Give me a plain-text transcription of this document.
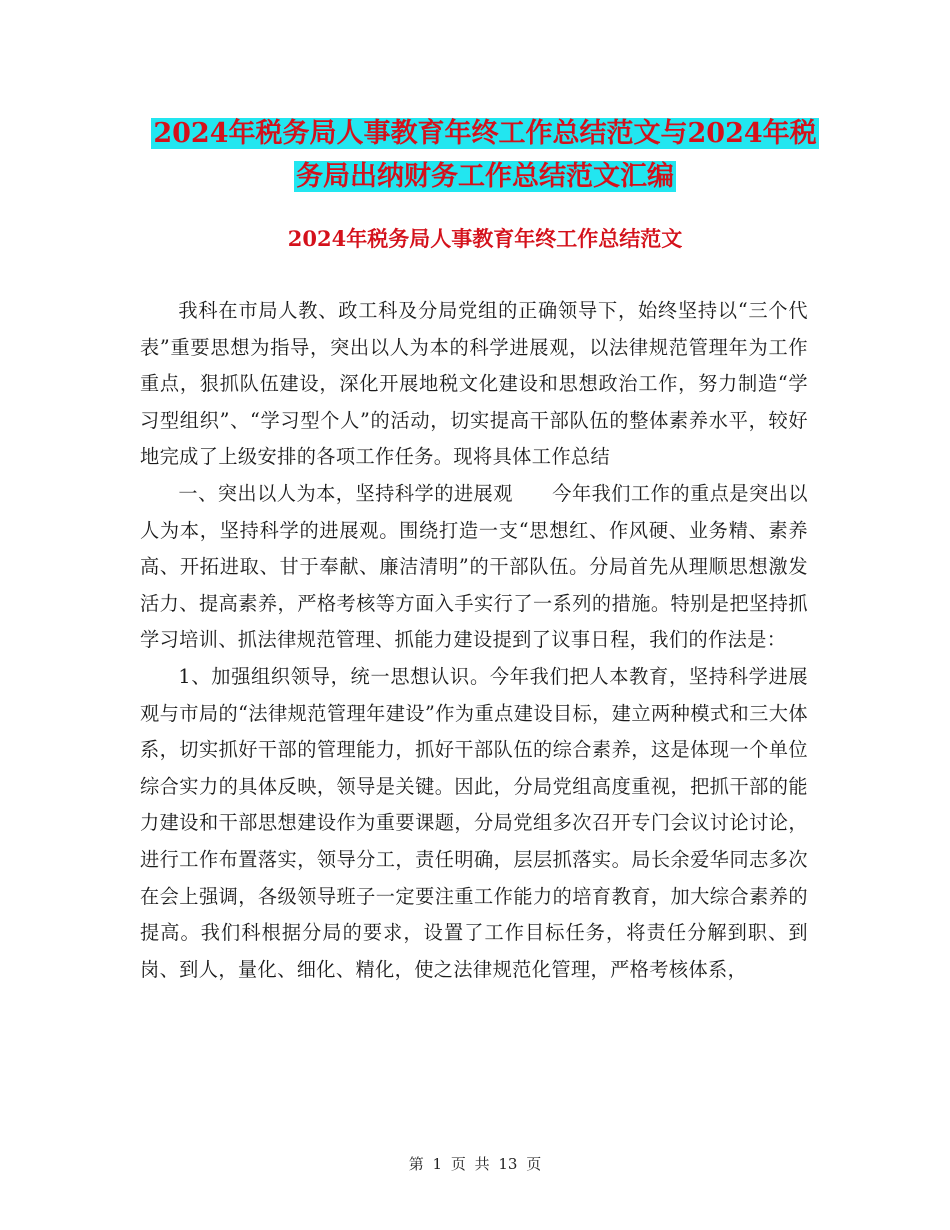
2024年税务局人事教育年终工作总结范文与2024年税务局出纳财务工作总结范文汇编
2024年税务局人事教育年终工作总结范文

我科在市局人教、政工科及分局党组的正确领导下，始终坚持以“三个代表”重要思想为指导，突出以人为本的科学进展观，以法律规范管理年为工作重点，狠抓队伍建设，深化开展地税文化建设和思想政治工作，努力制造“学习型组织”、“学习型个人”的活动，切实提高干部队伍的整体素养水平，较好地完成了上级安排的各项工作任务。现将具体工作总结

一、突出以人为本，坚持科学的进展观　　今年我们工作的重点是突出以人为本，坚持科学的进展观。围绕打造一支“思想红、作风硬、业务精、素养高、开拓进取、甘于奉献、廉洁清明”的干部队伍。分局首先从理顺思想激发活力、提高素养，严格考核等方面入手实行了一系列的措施。特别是把坚持抓学习培训、抓法律规范管理、抓能力建设提到了议事日程，我们的作法是：

1、加强组织领导，统一思想认识。今年我们把人本教育，坚持科学进展观与市局的“法律规范管理年建设”作为重点建设目标，建立两种模式和三大体系，切实抓好干部的管理能力，抓好干部队伍的综合素养，这是体现一个单位综合实力的具体反映，领导是关键。因此，分局党组高度重视，把抓干部的能力建设和干部思想建设作为重要课题，分局党组多次召开专门会议讨论讨论，进行工作布置落实，领导分工，责任明确，层层抓落实。局长余爱华同志多次在会上强调，各级领导班子一定要注重工作能力的培育教育，加大综合素养的提高。我们科根据分局的要求，设置了工作目标任务，将责任分解到职、到岗、到人，量化、细化、精化，使之法律规范化管理，严格考核体系，

第 1 页 共 13 页
